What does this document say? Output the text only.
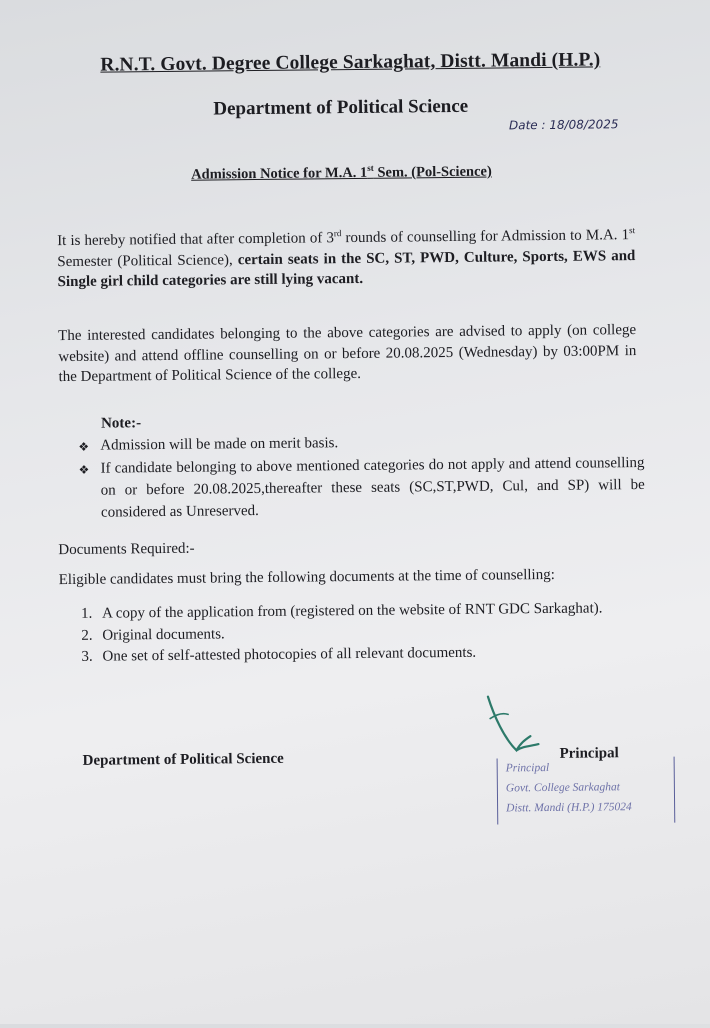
R.N.T. Govt. Degree College Sarkaghat, Distt. Mandi (H.P.)
Department of Political Science
Date : 18/08/2025
Admission Notice for M.A. 1st Sem. (Pol-Science)
It is hereby notified that after completion of 3rd rounds of counselling for Admission to M.A. 1st Semester (Political Science), certain seats in the SC, ST, PWD, Culture, Sports, EWS and Single girl child categories are still lying vacant.
The interested candidates belonging to the above categories are advised to apply (on college website) and attend offline counselling on or before 20.08.2025 (Wednesday) by 03:00PM in the Department of Political Science of the college.
Note:-
❖ Admission will be made on merit basis.
❖ If candidate belonging to above mentioned categories do not apply and attend counselling on or before 20.08.2025,thereafter these seats (SC,ST,PWD, Cul, and SP) will be considered as Unreserved.
Documents Required:-
Eligible candidates must bring the following documents at the time of counselling:
1. A copy of the application from (registered on the website of RNT GDC Sarkaghat).
2. Original documents.
3. One set of self-attested photocopies of all relevant documents.
Department of Political Science	Principal
Principal
Govt. College Sarkaghat
Distt. Mandi (H.P.) 175024
